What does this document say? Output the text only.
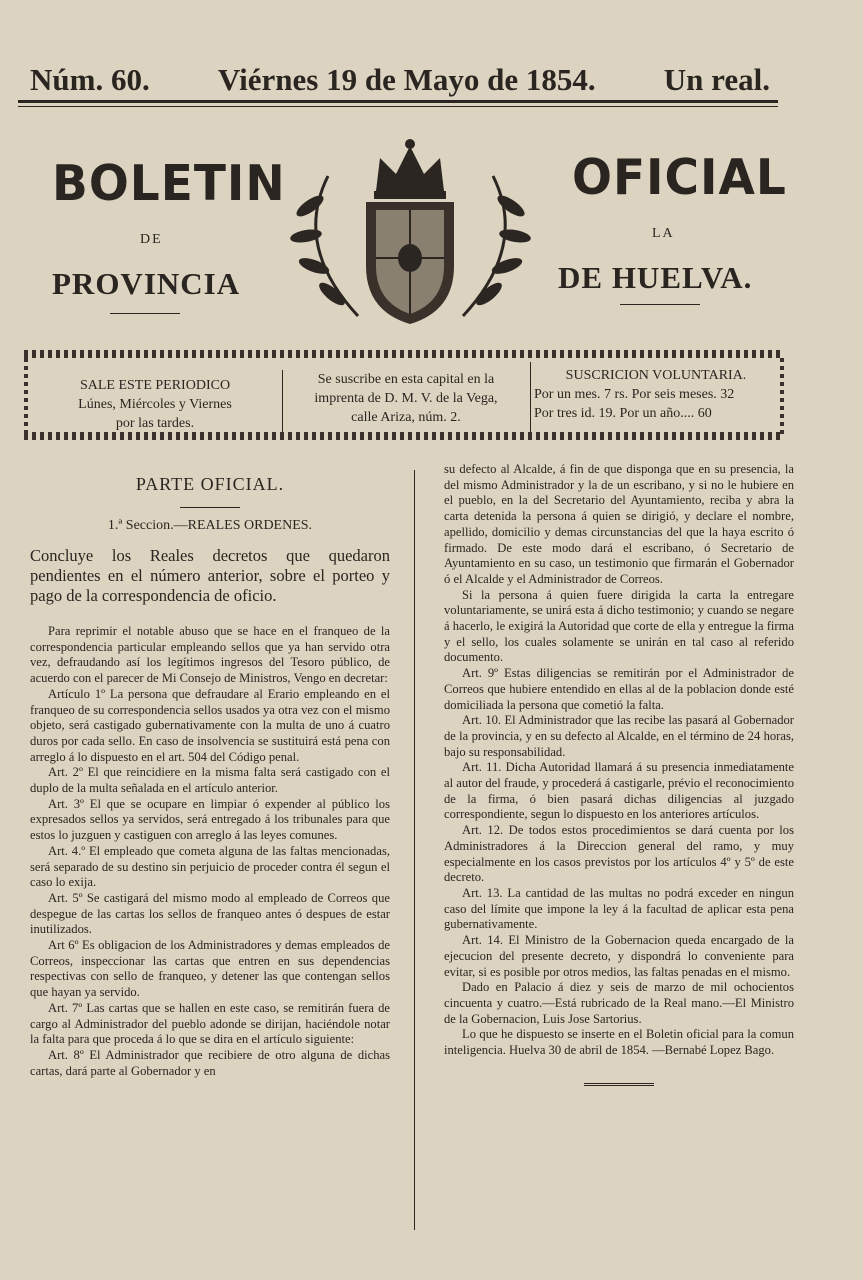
Núm. 60. Viérnes 19 de Mayo de 1854. Un real.
BOLETIN	OFICIAL
DE	LA
PROVINCIA	DE HUELVA.
SALE ESTE PERIODICO
Lúnes, Miércoles y Viernes
por las tardes.
Se suscribe en esta capital en la
imprenta de D. M. V. de la Vega,
calle Ariza, núm. 2.
SUSCRICION VOLUNTARIA.
Por un mes. 7 rs. Por seis meses. 32
Por tres id. 19. Por un año.... 60
PARTE OFICIAL.
1.ª Seccion.—REALES ORDENES.
Concluye los Reales decretos que quedaron pendientes en el número anterior, sobre el porteo y pago de la correspondencia de oficio.

Para reprimir el notable abuso que se hace en el franqueo de la correspondencia particular empleando sellos que ya han servido otra vez, defraudando así los legítimos ingresos del Tesoro público, de acuerdo con el parecer de Mi Consejo de Ministros, Vengo en decretar:

Artículo 1º La persona que defraudare al Erario empleando en el franqueo de su correspondencia sellos usados ya otra vez con el mismo objeto, será castigado gubernativamente con la multa de uno á cuatro duros por cada sello. En caso de insolvencia se sustituirá está pena con arreglo á lo dispuesto en el art. 504 del Código penal.

Art. 2º El que reincidiere en la misma falta será castigado con el duplo de la multa señalada en el artículo anterior.

Art. 3º El que se ocupare en limpiar ó expender al público los expresados sellos ya servidos, será entregado á los tribunales para que estos lo juzguen y castiguen con arreglo á las leyes comunes.

Art. 4.º El empleado que cometa alguna de las faltas mencionadas, será separado de su destino sin perjuicio de proceder contra él segun el caso lo exija.

Art. 5º Se castigará del mismo modo al empleado de Correos que despegue de las cartas los sellos de franqueo antes ó despues de estar inutilizados.

Art 6º Es obligacion de los Administradores y demas empleados de Correos, inspeccionar las cartas que entren en sus dependencias respectivas con sello de franqueo, y detener las que contengan sellos que hayan ya servido.

Art. 7º Las cartas que se hallen en este caso, se remitirán fuera de cargo al Administrador del pueblo adonde se dirijan, haciéndole notar la falta para que proceda á lo que se dira en el artículo siguiente:

Art. 8º El Administrador que recibiere de otro alguna de dichas cartas, dará parte al Gobernador y en

su defecto al Alcalde, á fin de que disponga que en su presencia, la del mismo Administrador y la de un escribano, y si no le hubiere en el pueblo, en la del Secretario del Ayuntamiento, reciba y abra la carta detenida la persona á quien se dirigió, y declare el nombre, apellido, domicilio y demas circunstancias del que la haya escrito ó firmado. De este modo dará el escribano, ó Secretario de Ayuntamiento en su caso, un testimonio que firmarán el Gobernador ó el Alcalde y el Administrador de Correos.

Si la persona á quien fuere dirigida la carta la entregare voluntariamente, se unirá esta á dicho testimonio; y cuando se negare á hacerlo, le exigirá la Autoridad que corte de ella y entregue la firma y el sello, los cuales solamente se unirán en tal caso al referido documento.

Art. 9º Estas diligencias se remitirán por el Administrador de Correos que hubiere entendido en ellas al de la poblacion donde esté domiciliada la persona que cometió la falta.

Art. 10. El Administrador que las recibe las pasará al Gobernador de la provincia, y en su defecto al Alcalde, en el término de 24 horas, bajo su responsabilidad.

Art. 11. Dicha Autoridad llamará á su presencia inmediatamente al autor del fraude, y procederá á castigarle, prévio el reconocimiento de la firma, ó bien pasará dichas diligencias al juzgado correspondiente, segun lo dispuesto en los anteriores artículos.

Art. 12. De todos estos procedimientos se dará cuenta por los Administradores á la Direccion general del ramo, y muy especialmente en los casos previstos por los artículos 4º y 5º de este decreto.

Art. 13. La cantidad de las multas no podrá exceder en ningun caso del límite que impone la ley á la facultad de aplicar esta pena gubernativamente.

Art. 14. El Ministro de la Gobernacion queda encargado de la ejecucion del presente decreto, y dispondrá lo conveniente para evitar, si es posible por otros medios, las faltas penadas en el mismo.

Dado en Palacio á diez y seis de marzo de mil ochocientos cincuenta y cuatro.—Está rubricado de la Real mano.—El Ministro de la Gobernacion, Luis Jose Sartorius.

Lo que he dispuesto se inserte en el Boletin oficial para la comun inteligencia. Huelva 30 de abril de 1854. —Bernabé Lopez Bago.
